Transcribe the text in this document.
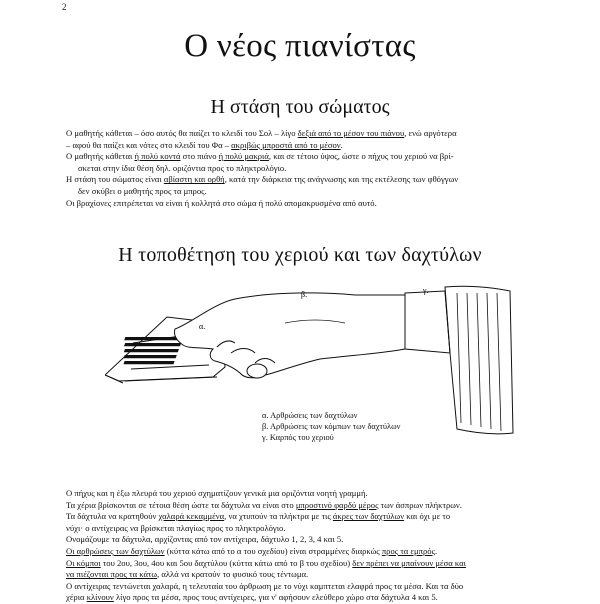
2
Ο νέος πιανίστας
Η στάση του σώματος
Ο μαθητής κάθεται – όσο αυτός θα παίζει το κλειδί του Σολ – λίγο δεξιά από το μέσον του πιάνου, ενώ αργότερα
– αφού θα παίζει και νότες στο κλειδί του Φα – ακριβώς μπροστά από το μέσον.
Ο μαθητής κάθεται ή πολύ κοντά στο πιάνο ή πολύ μακριά, και σε τέτοιο ύψος, ώστε ο πήχυς του χεριού να βρί-
σκεται στην ίδια θέση δηλ. οριζόντια προς το πληκτρολόγιο.
Η στάση του σώματος είναι αβίαστη και ορθή, κατά την διάρκεια της ανάγνωσης και της εκτέλεσης των φθόγγων
δεν σκύβει ο μαθητής προς τα μπρος.
Οι βραχίονες επιτρέπεται να είναι ή κολλητά στο σώμα ή πολύ απομακρυσμένα από αυτό.
Η τοποθέτηση του χεριού και των δαχτύλων
α.
β.	γ.
α. Αρθρώσεις των δαχτύλων
β. Αρθρώσεις των κόμπων των δαχτύλων
γ. Καρπός του χεριού
Ο πήχυς και η έξω πλευρά του χεριού σχηματίζουν γενικά μια οριζόντια νοητή γραμμή.
Τα χέρια βρίσκονται σε τέτοια θέση ώστε τα δάχτυλα να είναι στο μπροστινό φαρδύ μέρος των άσπρων πλήκτρων.
Τα δάχτυλα να κρατηθούν χαλαρά κεκαμμένα, να χτυπούν τα πλήκτρα με τις άκρες των δαχτύλων και όχι με το
νύχι· ο αντίχειρας να βρίσκεται πλαγίως προς το πληκτρολόγιο.
Ονομάζουμε τα δάχτυλα, αρχίζοντας από τον αντίχειρα, δάχτυλο 1, 2, 3, 4 και 5.
Οι αρθρώσεις των δαχτύλων (κύττα κάτω από το α του σχεδίου) είναι στραμμένες διαρκώς προς τα εμπρός.
Οι κόμποι του 2ου, 3ου, 4ου και 5ου δαχτύλου (κύττα κάτω από το β του σχεδίου) δεν πρέπει να μπαίνουν μέσα και
να πιέζονται προς τα κάτω, αλλά να κρατούν το φυσικό τους τέντωμα.
Ο αντίχειρας τεντώνεται χαλαρά, η τελευταία του άρθρωση με το νύχι καμπτεται ελαφρά προς τα μέσα. Και τα δύο
χέρια κλίνουν λίγο προς τα μέσα, προς τους αντίχειρες, για ν' αφήσουν ελεύθερο χώρο στα δάχτυλα 4 και 5.
